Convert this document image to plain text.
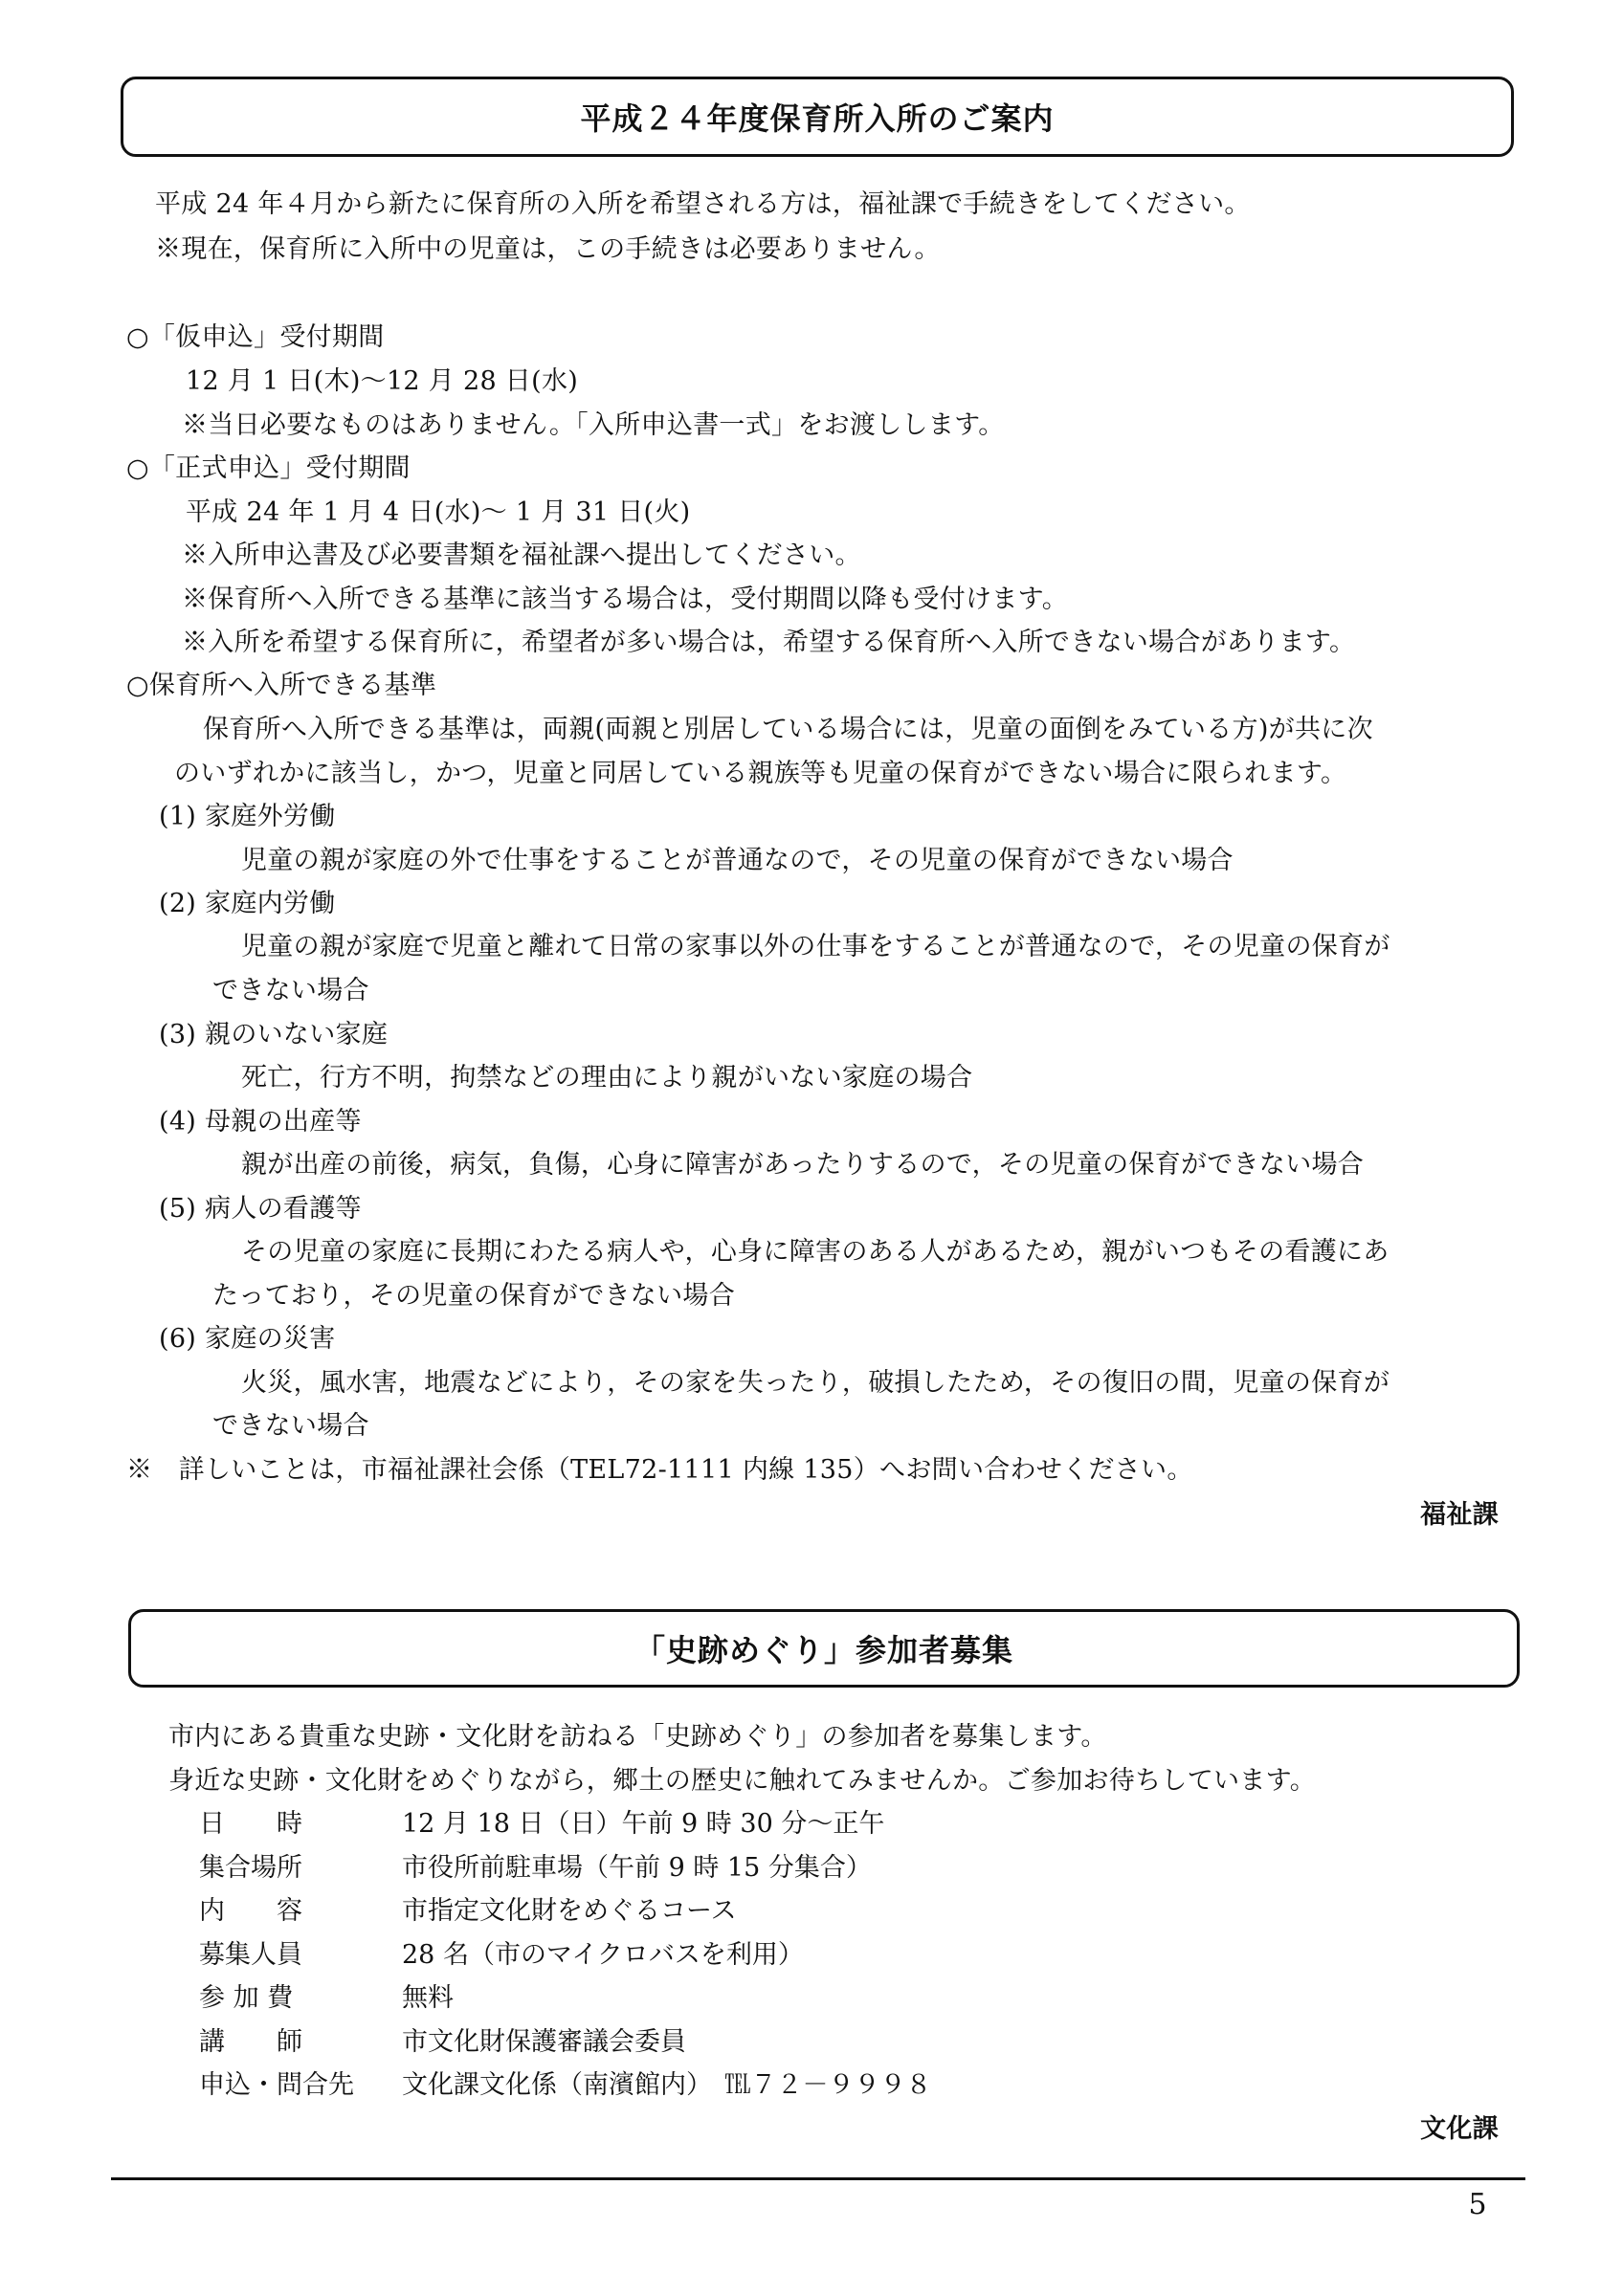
平成２４年度保育所入所のご案内
平成 24 年４月から新たに保育所の入所を希望される方は，福祉課で手続きをしてください。
※現在，保育所に入所中の児童は，この手続きは必要ありません。
○「仮申込」受付期間
12 月 1 日(木)～12 月 28 日(水)
※当日必要なものはありません。「入所申込書一式」をお渡しします。
○「正式申込」受付期間
平成 24 年 1 月 4 日(水)～ 1 月 31 日(火)
※入所申込書及び必要書類を福祉課へ提出してください。
※保育所へ入所できる基準に該当する場合は，受付期間以降も受付けます。
※入所を希望する保育所に，希望者が多い場合は，希望する保育所へ入所できない場合があります。
○保育所へ入所できる基準
保育所へ入所できる基準は，両親(両親と別居している場合には，児童の面倒をみている方)が共に次
のいずれかに該当し，かつ，児童と同居している親族等も児童の保育ができない場合に限られます。
(1) 家庭外労働
児童の親が家庭の外で仕事をすることが普通なので，その児童の保育ができない場合
(2) 家庭内労働
児童の親が家庭で児童と離れて日常の家事以外の仕事をすることが普通なので，その児童の保育が
できない場合
(3) 親のいない家庭
死亡，行方不明，拘禁などの理由により親がいない家庭の場合
(4) 母親の出産等
親が出産の前後，病気，負傷，心身に障害があったりするので，その児童の保育ができない場合
(5) 病人の看護等
その児童の家庭に長期にわたる病人や，心身に障害のある人があるため，親がいつもその看護にあ
たっており，その児童の保育ができない場合
(6) 家庭の災害
火災，風水害，地震などにより，その家を失ったり，破損したため，その復旧の間，児童の保育が
できない場合
※　詳しいことは，市福祉課社会係（TEL72-1111 内線 135）へお問い合わせください。
福祉課
「史跡めぐり」参加者募集
市内にある貴重な史跡・文化財を訪ねる「史跡めぐり」の参加者を募集します。
身近な史跡・文化財をめぐりながら，郷土の歴史に触れてみませんか。ご参加お待ちしています。
日　　時	12 月 18 日（日）午前 9 時 30 分～正午
集合場所	市役所前駐車場（午前 9 時 15 分集合）
内　　容	市指定文化財をめぐるコース
募集人員	28 名（市のマイクロバスを利用）
参 加 費	無料
講　　師	市文化財保護審議会委員
申込・問合先 文化課文化係（南濱館内）　℡７２－９９９８
文化課
5
